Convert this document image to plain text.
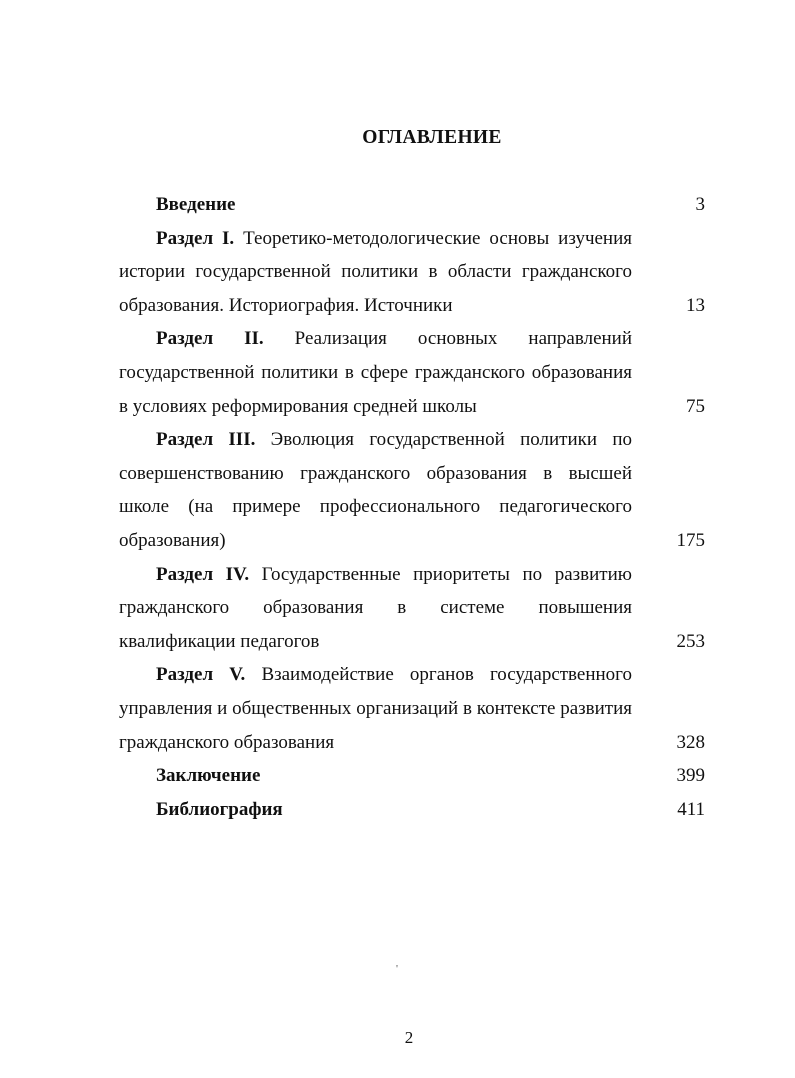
ОГЛАВЛЕНИЕ
Введение	3
Раздел I. Теоретико-методологические основы изучения истории государственной политики в области гражданского образования. Историография. Источники	13
Раздел II. Реализация основных направлений государственной политики в сфере гражданского образования в условиях реформирования средней школы	75
Раздел III. Эволюция государственной политики по совершенствованию гражданского образования в высшей школе (на примере профессионального педагогического образования)	175
Раздел IV. Государственные приоритеты по развитию гражданского образования в системе повышения квалификации педагогов	253
Раздел V. Взаимодействие органов государственного управления и общественных организаций в контексте развития гражданского образования	328
Заключение	399
Библиография	411
'
2
